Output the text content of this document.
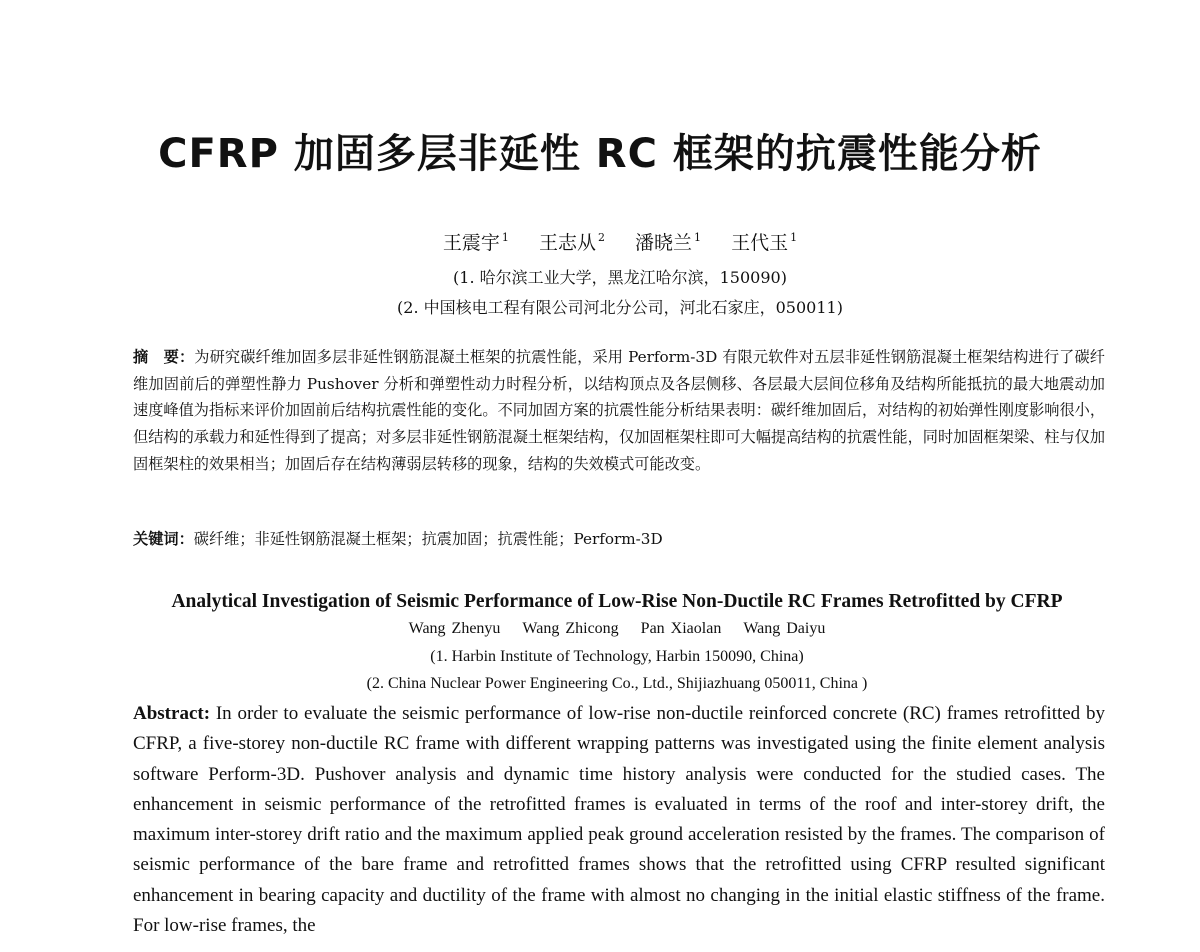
CFRP 加固多层非延性 RC 框架的抗震性能分析
王震宇 $^1$ 王志从 $^2$ 潘晓兰 $^1$ 王代玉 $^1$
(1. 哈尔滨工业大学，黑龙江哈尔滨，150090)
(2. 中国核电工程有限公司河北分公司，河北石家庄，050011)
摘　要：为研究碳纤维加固多层非延性钢筋混凝土框架的抗震性能，采用 Perform-3D 有限元软件对五层非延性钢筋混凝土框架结构进行了碳纤维加固前后的弹塑性静力 Pushover 分析和弹塑性动力时程分析，以结构顶点及各层侧移、各层最大层间位移角及结构所能抵抗的最大地震动加速度峰值为指标来评价加固前后结构抗震性能的变化。不同加固方案的抗震性能分析结果表明：碳纤维加固后，对结构的初始弹性刚度影响很小，但结构的承载力和延性得到了提高；对多层非延性钢筋混凝土框架结构，仅加固框架柱即可大幅提高结构的抗震性能，同时加固框架梁、柱与仅加固框架柱的效果相当；加固后存在结构薄弱层转移的现象，结构的失效模式可能改变。
关键词：碳纤维；非延性钢筋混凝土框架；抗震加固；抗震性能；Perform-3D
Analytical Investigation of Seismic Performance of Low-Rise Non-Ductile RC Frames Retrofitted by CFRP
Wang Zhenyu Wang Zhicong Pan Xiaolan Wang Daiyu
(1. Harbin Institute of Technology, Harbin 150090, China)
(2. China Nuclear Power Engineering Co., Ltd., Shijiazhuang 050011, China )
Abstract: In order to evaluate the seismic performance of low-rise non-ductile reinforced concrete (RC) frames retrofitted by CFRP, a five-storey non-ductile RC frame with different wrapping patterns was investigated using the finite element analysis software Perform-3D. Pushover analysis and dynamic time history analysis were conducted for the studied cases. The enhancement in seismic performance of the retrofitted frames is evaluated in terms of the roof and inter-storey drift, the maximum inter-storey drift ratio and the maximum applied peak ground acceleration resisted by the frames. The comparison of seismic performance of the bare frame and retrofitted frames shows that the retrofitted using CFRP resulted significant enhancement in bearing capacity and ductility of the frame with almost no changing in the initial elastic stiffness of the frame. For low-rise frames, the
